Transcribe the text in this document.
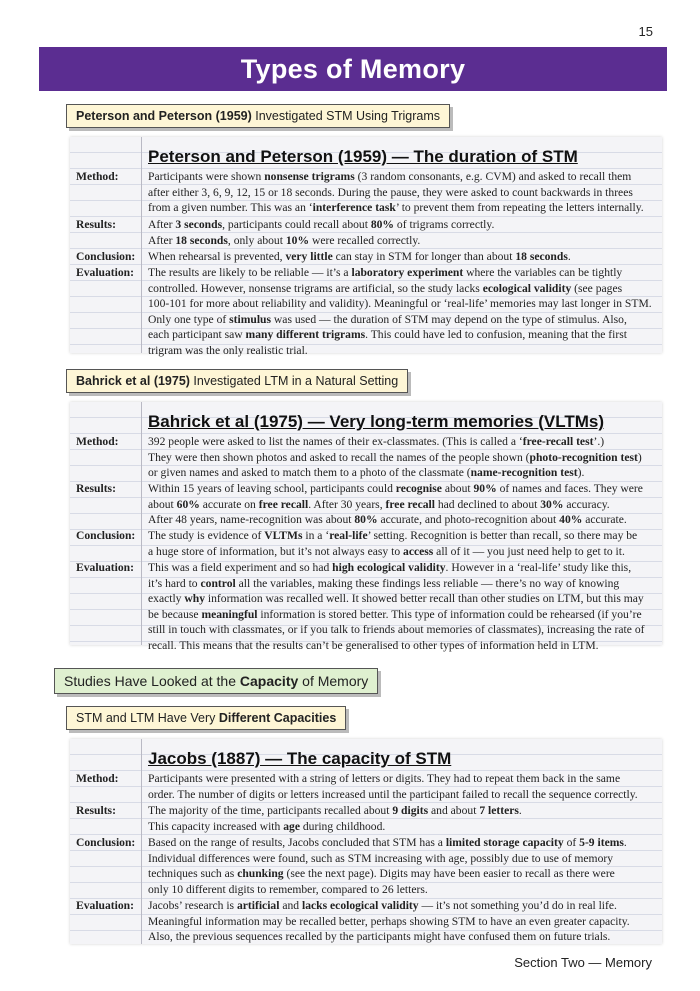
15
Types of Memory
Peterson and Peterson (1959) Investigated STM Using Trigrams
Peterson and Peterson (1959) — The duration of STM
Method:	Participants were shown nonsense trigrams (3 random consonants, e.g. CVM) and asked to recall them
after either 3, 6, 9, 12, 15 or 18 seconds. During the pause, they were asked to count backwards in threes
from a given number. This was an ‘interference task’ to prevent them from repeating the letters internally.
Results:	After 3 seconds, participants could recall about 80% of trigrams correctly.
After 18 seconds, only about 10% were recalled correctly.
Conclusion:	When rehearsal is prevented, very little can stay in STM for longer than about 18 seconds.
Evaluation:	The results are likely to be reliable — it’s a laboratory experiment where the variables can be tightly
controlled. However, nonsense trigrams are artificial, so the study lacks ecological validity (see pages
100-101 for more about reliability and validity). Meaningful or ‘real-life’ memories may last longer in STM.
Only one type of stimulus was used — the duration of STM may depend on the type of stimulus. Also,
each participant saw many different trigrams. This could have led to confusion, meaning that the first
trigram was the only realistic trial.
Bahrick et al (1975) Investigated LTM in a Natural Setting
Bahrick et al (1975) — Very long-term memories (VLTMs)
Method:	392 people were asked to list the names of their ex-classmates. (This is called a ‘free-recall test’.)
They were then shown photos and asked to recall the names of the people shown (photo-recognition test)
or given names and asked to match them to a photo of the classmate (name-recognition test).
Results:	Within 15 years of leaving school, participants could recognise about 90% of names and faces. They were
about 60% accurate on free recall. After 30 years, free recall had declined to about 30% accuracy.
After 48 years, name-recognition was about 80% accurate, and photo-recognition about 40% accurate.
Conclusion:	The study is evidence of VLTMs in a ‘real-life’ setting. Recognition is better than recall, so there may be
a huge store of information, but it’s not always easy to access all of it — you just need help to get to it.
Evaluation:	This was a field experiment and so had high ecological validity. However in a ‘real-life’ study like this,
it’s hard to control all the variables, making these findings less reliable — there’s no way of knowing
exactly why information was recalled well. It showed better recall than other studies on LTM, but this may
be because meaningful information is stored better. This type of information could be rehearsed (if you’re
still in touch with classmates, or if you talk to friends about memories of classmates), increasing the rate of
recall. This means that the results can’t be generalised to other types of information held in LTM.
Studies Have Looked at the Capacity of Memory
STM and LTM Have Very Different Capacities
Jacobs (1887) — The capacity of STM
Method:	Participants were presented with a string of letters or digits. They had to repeat them back in the same
order. The number of digits or letters increased until the participant failed to recall the sequence correctly.
Results:	The majority of the time, participants recalled about 9 digits and about 7 letters.
This capacity increased with age during childhood.
Conclusion:	Based on the range of results, Jacobs concluded that STM has a limited storage capacity of 5-9 items.
Individual differences were found, such as STM increasing with age, possibly due to use of memory
techniques such as chunking (see the next page). Digits may have been easier to recall as there were
only 10 different digits to remember, compared to 26 letters.
Evaluation:	Jacobs’ research is artificial and lacks ecological validity — it’s not something you’d do in real life.
Meaningful information may be recalled better, perhaps showing STM to have an even greater capacity.
Also, the previous sequences recalled by the participants might have confused them on future trials.
Section Two — Memory
